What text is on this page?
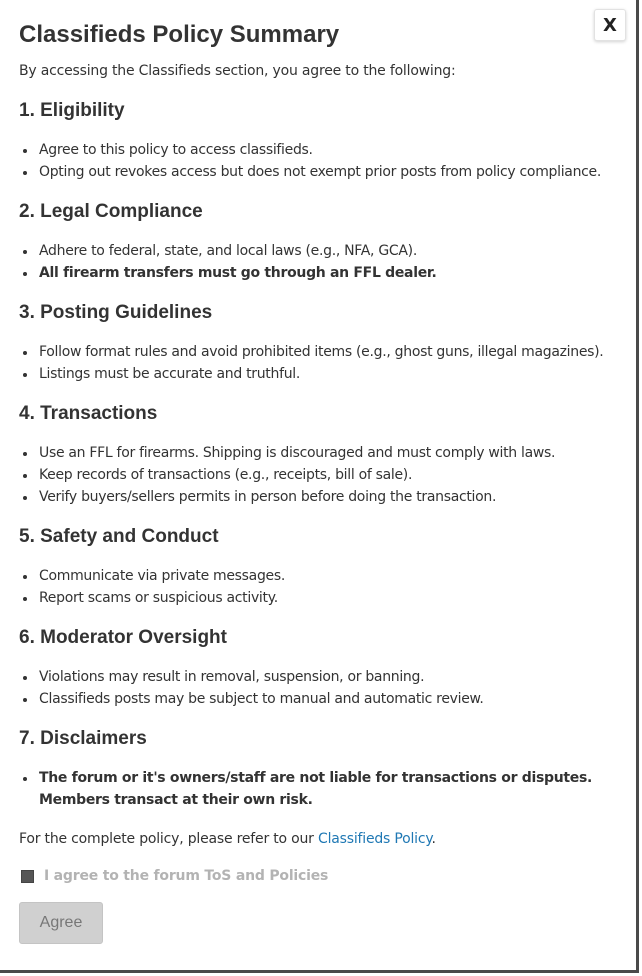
X
Classifieds Policy Summary
By accessing the Classifieds section, you agree to the following:
1. Eligibility
Agree to this policy to access classifieds.
Opting out revokes access but does not exempt prior posts from policy compliance.
2. Legal Compliance
Adhere to federal, state, and local laws (e.g., NFA, GCA).
All firearm transfers must go through an FFL dealer.
3. Posting Guidelines
Follow format rules and avoid prohibited items (e.g., ghost guns, illegal magazines).
Listings must be accurate and truthful.
4. Transactions
Use an FFL for firearms. Shipping is discouraged and must comply with laws.
Keep records of transactions (e.g., receipts, bill of sale).
Verify buyers/sellers permits in person before doing the transaction.
5. Safety and Conduct
Communicate via private messages.
Report scams or suspicious activity.
6. Moderator Oversight
Violations may result in removal, suspension, or banning.
Classifieds posts may be subject to manual and automatic review.
7. Disclaimers
The forum or it's owners/staff are not liable for transactions or disputes. Members transact at their own risk.
For the complete policy, please refer to our Classifieds Policy.
I agree to the forum ToS and Policies
Agree
